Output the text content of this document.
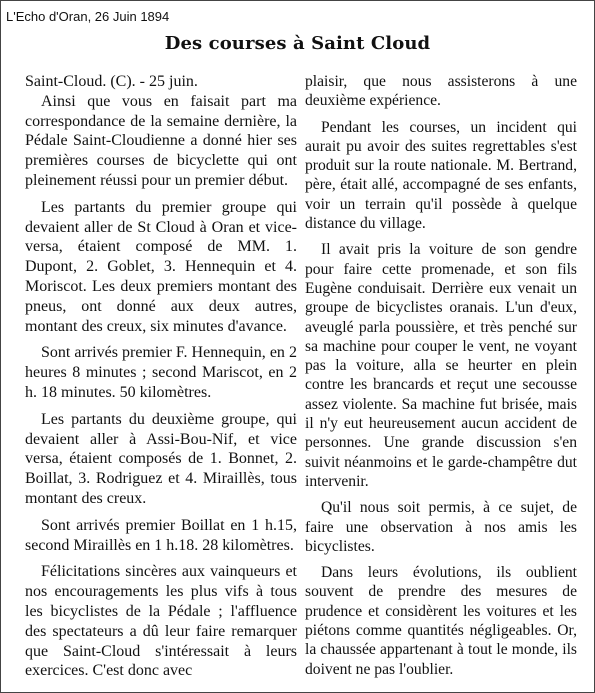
L'Echo d'Oran, 26 Juin 1894
Des courses à Saint Cloud

Saint-Cloud. (C). - 25 juin.

Ainsi que vous en faisait part ma correspondance de la semaine dernière, la Pédale Saint-Cloudienne a donné hier ses premières courses de bicyclette qui ont pleinement réussi pour un premier début.

Les partants du premier groupe qui devaient aller de St Cloud à Oran et vice-versa, étaient composé de MM. 1. Dupont, 2. Goblet, 3. Hennequin et 4. Moriscot. Les deux premiers montant des pneus, ont donné aux deux autres, montant des creux, six minutes d'avance.

Sont arrivés premier F. Hennequin, en 2 heures 8 minutes ; second Mariscot, en 2 h. 18 minutes. 50 kilomètres.

Les partants du deuxième groupe, qui devaient aller à Assi-Bou-Nif, et vice versa, étaient composés de 1. Bonnet, 2. Boillat, 3. Rodriguez et 4. Miraillès, tous montant des creux.

Sont arrivés premier Boillat en 1 h.15, second Miraillès en 1 h.18. 28 kilomètres.

Félicitations sincères aux vainqueurs et nos encouragements les plus vifs à tous les bicyclistes de la Pédale ; l'affluence des spectateurs a dû leur faire remarquer que Saint-Cloud s'intéressait à leurs exercices. C'est donc avec

plaisir, que nous assisterons à une deuxième expérience.

Pendant les courses, un incident qui aurait pu avoir des suites regrettables s'est produit sur la route nationale. M. Bertrand, père, était allé, accompagné de ses enfants, voir un terrain qu'il possède à quelque distance du village.

Il avait pris la voiture de son gendre pour faire cette promenade, et son fils Eugène conduisait. Derrière eux venait un groupe de bicyclistes oranais. L'un d'eux, aveuglé parla poussière, et très penché sur sa machine pour couper le vent, ne voyant pas la voiture, alla se heurter en plein contre les brancards et reçut une secousse assez violente. Sa machine fut brisée, mais il n'y eut heureusement aucun accident de personnes. Une grande discussion s'en suivit néanmoins et le garde-champêtre dut intervenir.

Qu'il nous soit permis, à ce sujet, de faire une observation à nos amis les bicyclistes.

Dans leurs évolutions, ils oublient souvent de prendre des mesures de prudence et considèrent les voitures et les piétons comme quantités négligeables. Or, la chaussée appartenant à tout le monde, ils doivent ne pas l'oublier.
